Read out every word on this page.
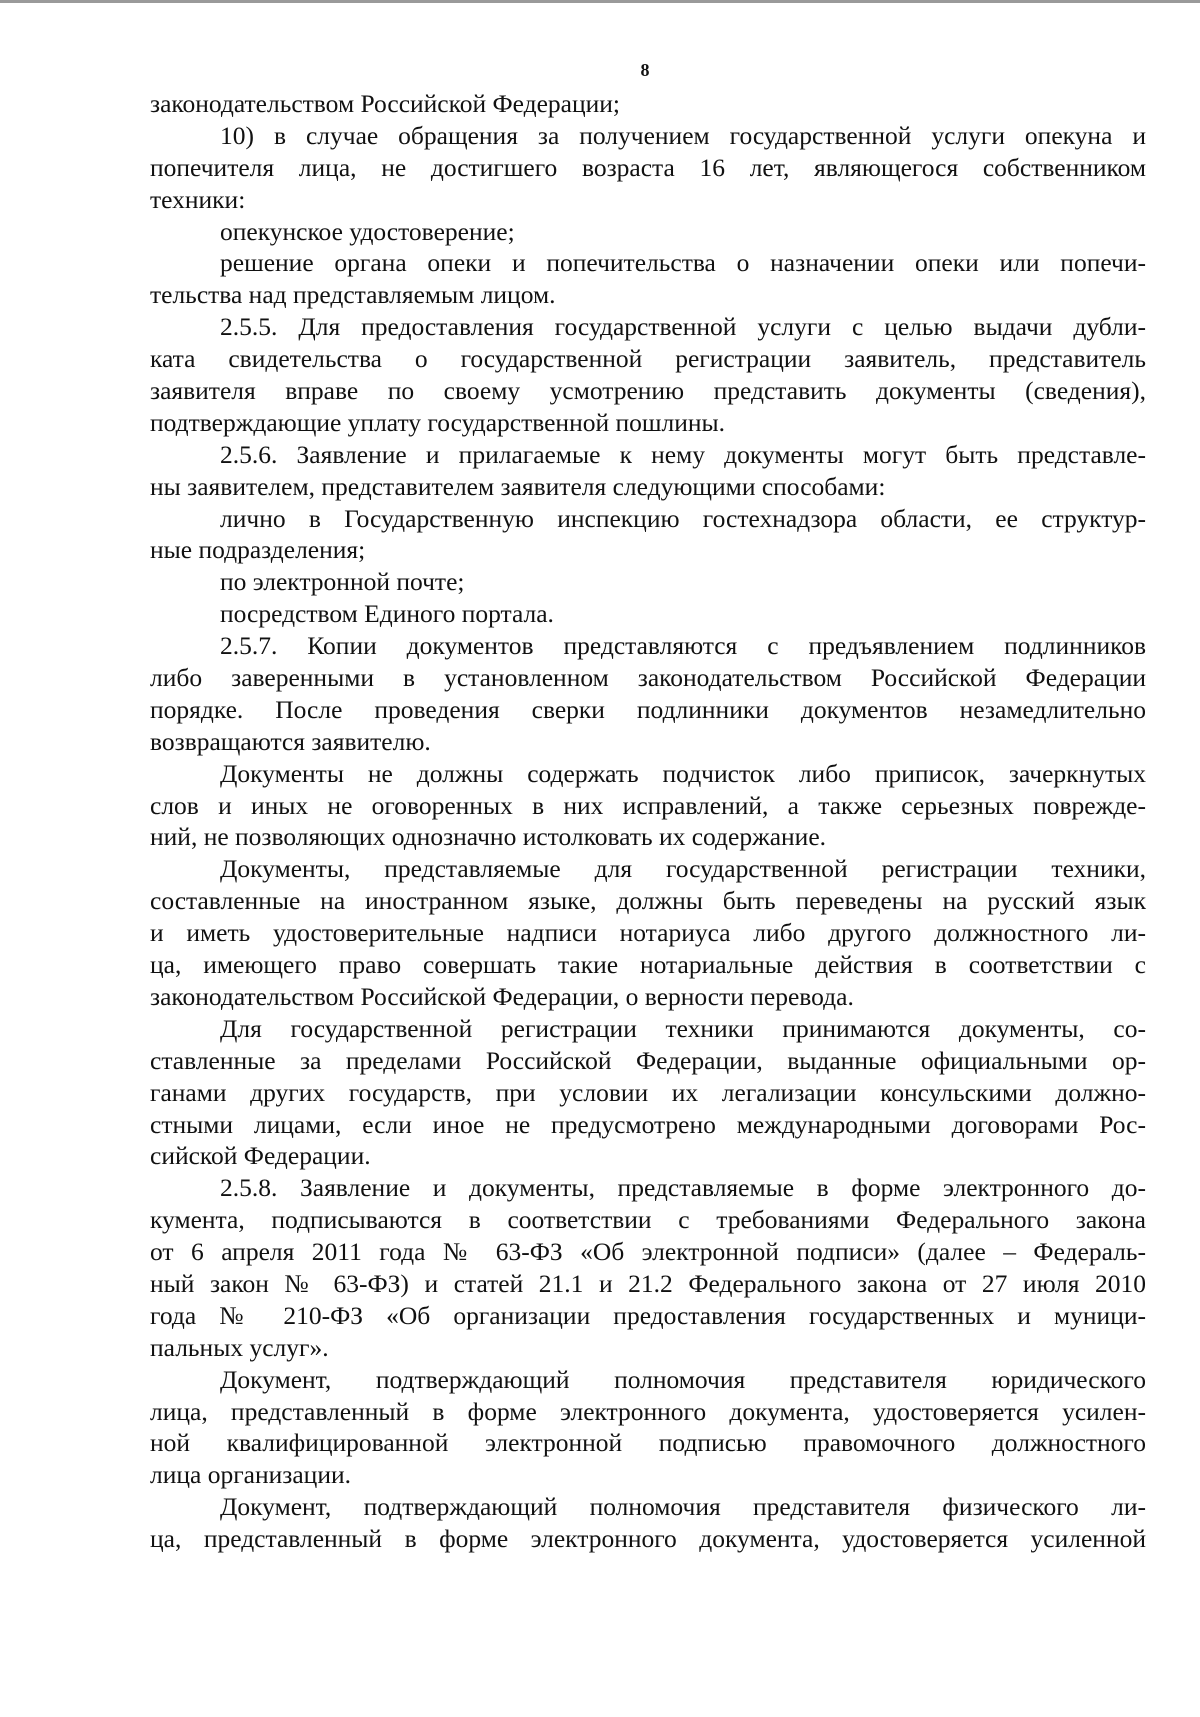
8
законодательством Российской Федерации;
10) в случае обращения за получением государственной услуги опекуна и
попечителя лица, не достигшего возраста 16 лет, являющегося собственником
техники:
опекунское удостоверение;
решение органа опеки и попечительства о назначении опеки или попечи-
тельства над представляемым лицом.
2.5.5. Для предоставления государственной услуги с целью выдачи дубли-
ката свидетельства о государственной регистрации заявитель, представитель
заявителя вправе по своему усмотрению представить документы (сведения),
подтверждающие уплату государственной пошлины.
2.5.6. Заявление и прилагаемые к нему документы могут быть представле-
ны заявителем, представителем заявителя следующими способами:
лично в Государственную инспекцию гостехнадзора области, ее структур-
ные подразделения;
по электронной почте;
посредством Единого портала.
2.5.7. Копии документов представляются с предъявлением подлинников
либо заверенными в установленном законодательством Российской Федерации
порядке. После проведения сверки подлинники документов незамедлительно
возвращаются заявителю.
Документы не должны содержать подчисток либо приписок, зачеркнутых
слов и иных не оговоренных в них исправлений, а также серьезных поврежде-
ний, не позволяющих однозначно истолковать их содержание.
Документы, представляемые для государственной регистрации техники,
составленные на иностранном языке, должны быть переведены на русский язык
и иметь удостоверительные надписи нотариуса либо другого должностного ли-
ца, имеющего право совершать такие нотариальные действия в соответствии с
законодательством Российской Федерации, о верности перевода.
Для государственной регистрации техники принимаются документы, со-
ставленные за пределами Российской Федерации, выданные официальными ор-
ганами других государств, при условии их легализации консульскими должно-
стными лицами, если иное не предусмотрено международными договорами Рос-
сийской Федерации.
2.5.8. Заявление и документы, представляемые в форме электронного до-
кумента, подписываются в соответствии с требованиями Федерального закона
от 6 апреля 2011 года № 63-ФЗ «Об электронной подписи» (далее – Федераль-
ный закон № 63-ФЗ) и статей 21.1 и 21.2 Федерального закона от 27 июля 2010
года № 210-ФЗ «Об организации предоставления государственных и муници-
пальных услуг».
Документ, подтверждающий полномочия представителя юридического
лица, представленный в форме электронного документа, удостоверяется усилен-
ной квалифицированной электронной подписью правомочного должностного
лица организации.
Документ, подтверждающий полномочия представителя физического ли-
ца, представленный в форме электронного документа, удостоверяется усиленной
